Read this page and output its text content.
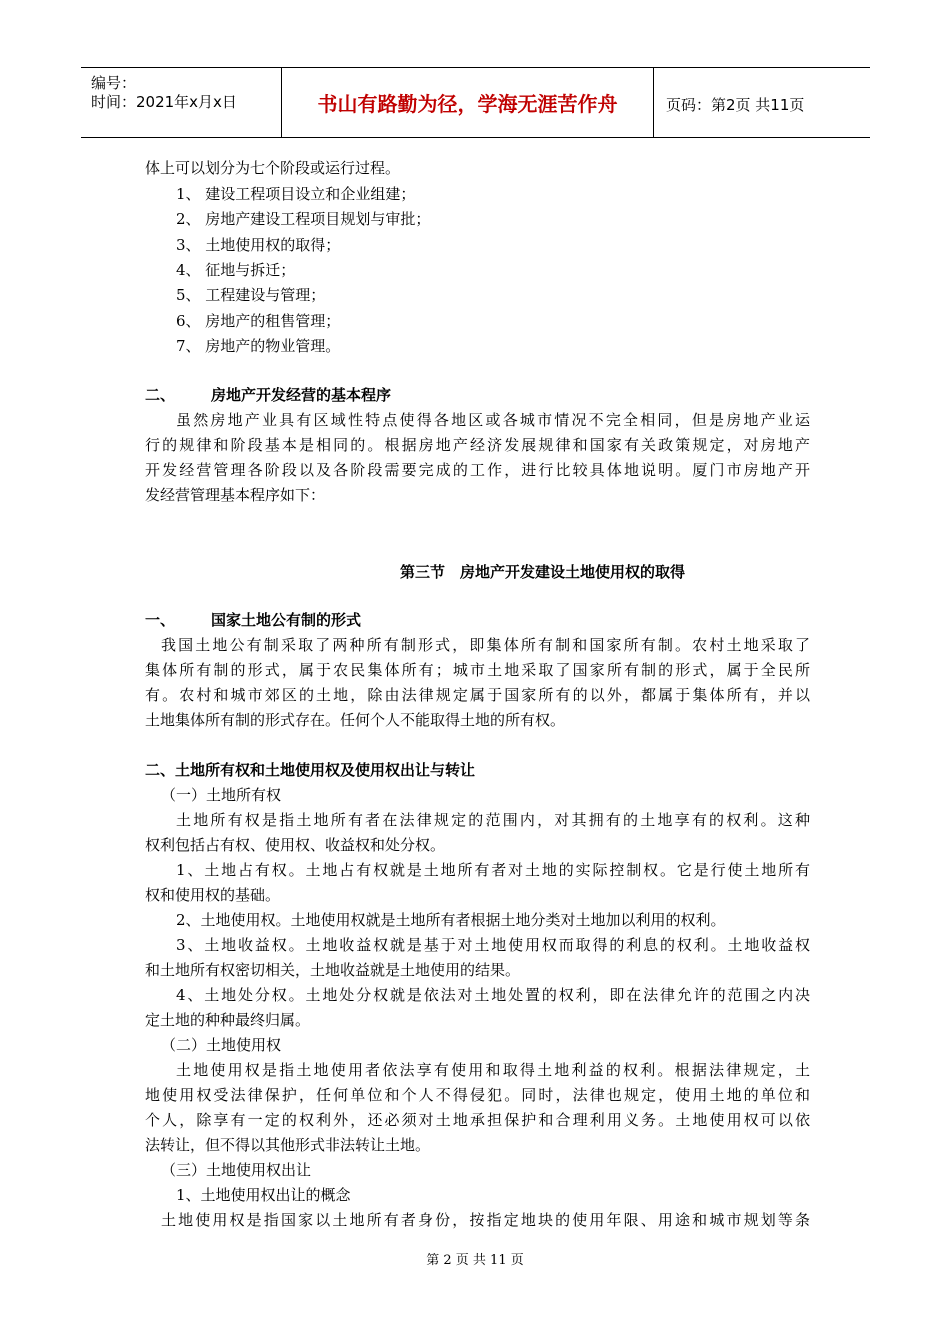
编号：
时间：2021年x月x日	书山有路勤为径，学海无涯苦作舟	页码：第2页 共11页
体上可以划分为七个阶段或运行过程。
1、 建设工程项目设立和企业组建；
2、 房地产建设工程项目规划与审批；
3、 土地使用权的取得；
4、 征地与拆迁；
5、 工程建设与管理；
6、 房地产的租售管理；
7、 房地产的物业管理。
二、	房地产开发经营的基本程序
虽然房地产业具有区域性特点使得各地区或各城市情况不完全相同，但是房地产业运
行的规律和阶段基本是相同的。根据房地产经济发展规律和国家有关政策规定，对房地产
开发经营管理各阶段以及各阶段需要完成的工作，进行比较具体地说明。厦门市房地产开
发经营管理基本程序如下：
第三节　房地产开发建设土地使用权的取得
一、	国家土地公有制的形式
我国土地公有制采取了两种所有制形式，即集体所有制和国家所有制。农村土地采取了
集体所有制的形式，属于农民集体所有；城市土地采取了国家所有制的形式，属于全民所
有。农村和城市郊区的土地，除由法律规定属于国家所有的以外，都属于集体所有，并以
土地集体所有制的形式存在。任何个人不能取得土地的所有权。
二、土地所有权和土地使用权及使用权出让与转让
（一）土地所有权
土地所有权是指土地所有者在法律规定的范围内，对其拥有的土地享有的权利。这种
权利包括占有权、使用权、收益权和处分权。
1、土地占有权。土地占有权就是土地所有者对土地的实际控制权。它是行使土地所有
权和使用权的基础。
2、土地使用权。土地使用权就是土地所有者根据土地分类对土地加以利用的权利。
3、土地收益权。土地收益权就是基于对土地使用权而取得的利息的权利。土地收益权
和土地所有权密切相关，土地收益就是土地使用的结果。
4、土地处分权。土地处分权就是依法对土地处置的权利，即在法律允许的范围之内决
定土地的种种最终归属。
（二）土地使用权
土地使用权是指土地使用者依法享有使用和取得土地利益的权利。根据法律规定，土
地使用权受法律保护，任何单位和个人不得侵犯。同时，法律也规定，使用土地的单位和
个人，除享有一定的权利外，还必须对土地承担保护和合理利用义务。土地使用权可以依
法转让，但不得以其他形式非法转让土地。
（三）土地使用权出让
1、土地使用权出让的概念
土地使用权是指国家以土地所有者身份，按指定地块的使用年限、用途和城市规划等条
第 2 页 共 11 页
